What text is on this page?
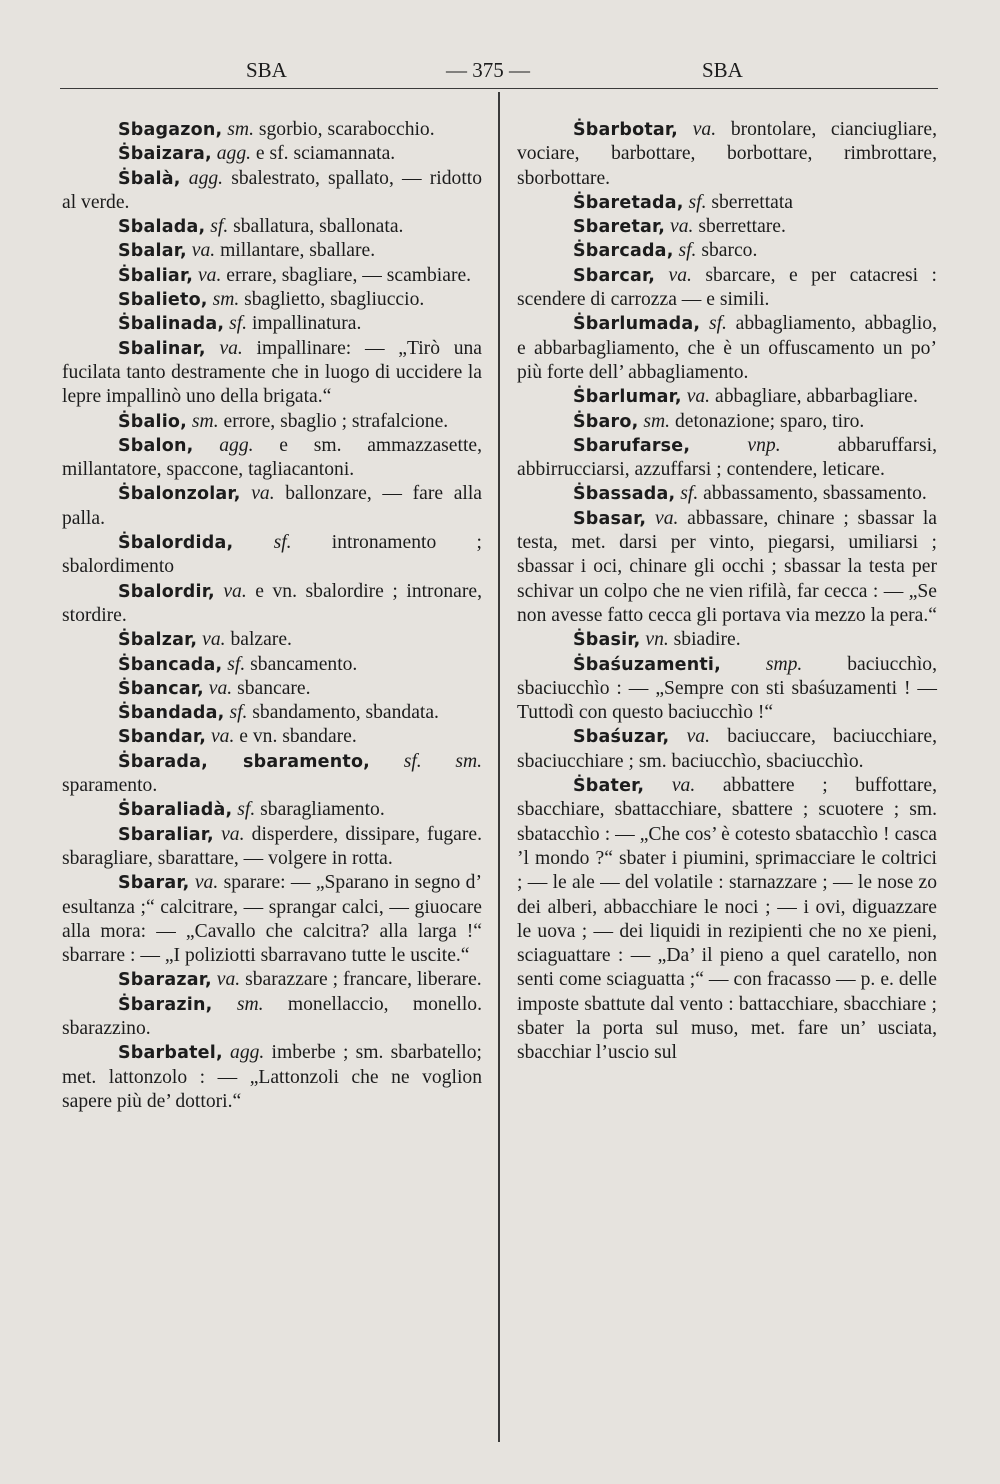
SBA	— 375 —	SBA

Sbagazon, sm. sgorbio, scarabocchio.

Ṡbaizara, agg. e sf. sciamannata.

Ṡbalà, agg. sbalestrato, spallato, — ridotto al verde.

Sbalada, sf. sballatura, sballonata.

Sbalar, va. millantare, sballare.

Ṡbaliar, va. errare, sbagliare, — scambiare.

Sbalieto, sm. sbaglietto, sbagliuccio.

Ṡbalinada, sf. impallinatura.

Sbalinar, va. impallinare: — „Tirò una fucilata tanto destramente che in luogo di uccidere la lepre impallinò uno della brigata.“

Ṡbalio, sm. errore, sbaglio ; strafalcione.

Sbalon, agg. e sm. ammazzasette, millantatore, spaccone, tagliacantoni.

Ṡbalonzolar, va. ballonzare, — fare alla palla.

Ṡbalordida, sf. intronamento ; sbalordimento

Sbalordir, va. e vn. sbalordire ; intronare, stordire.

Ṡbalzar, va. balzare.

Ṡbancada, sf. sbancamento.

Ṡbancar, va. sbancare.

Ṡbandada, sf. sbandamento, sbandata.

Sbandar, va. e vn. sbandare.

Ṡbarada, sbaramento, sf. sm. sparamento.

Ṡbaraliadà, sf. sbaragliamento.

Sbaraliar, va. disperdere, dissipare, fugare. sbaragliare, sbarattare, — volgere in rotta.

Sbarar, va. sparare: — „Sparano in segno d’ esultanza ;“ calcitrare, — sprangar calci, — giuocare alla mora: — „Cavallo che calcitra? alla larga !“ sbarrare : — „I poliziotti sbarravano tutte le uscite.“

Sbarazar, va. sbarazzare ; francare, liberare.

Ṡbarazin, sm. monellaccio, monello. sbarazzino.

Sbarbatel, agg. imberbe ; sm. sbarbatello; met. lattonzolo : — „Lattonzoli che ne voglion sapere più de’ dottori.“

Ṡbarbotar, va. brontolare, cianciugliare, vociare, barbottare, borbottare, rimbrottare, sborbottare.

Ṡbaretada, sf. sberrettata

Sbaretar, va. sberrettare.

Ṡbarcada, sf. sbarco.

Sbarcar, va. sbarcare, e per catacresi : scendere di carrozza — e simili.

Ṡbarlumada, sf. abbagliamento, abbaglio, e abbarbagliamento, che è un offuscamento un po’ più forte dell’ abbagliamento.

Ṡbarlumar, va. abbagliare, abbarbagliare.

Ṡbaro, sm. detonazione; sparo, tiro.

Sbarufarse,	vnp. abbaruffarsi, abbirrucciarsi, azzuffarsi ; contendere, leticare.

Ṡbassada, sf. abbassamento, sbassamento.

Sbasar, va. abbassare, chinare ; sbassar la testa, met. darsi per vinto, piegarsi, umiliarsi ; sbassar i oci, chinare gli occhi ; sbassar la testa per schivar un colpo che ne vien rifilà, far cecca : — „Se non avesse fatto cecca gli portava via mezzo la pera.“

Ṡbasir, vn. sbiadire.

Ṡbaśuzamenti, smp. baciucchìo, sbaciucchìo : — „Sempre con sti sbaśuzamenti ! — Tuttodì con questo baciucchìo !“

Sbaśuzar, va. baciuccare, baciucchiare, sbaciucchiare ; sm. baciucchìo, sbaciucchìo.

Ṡbater, va. abbattere ; buffottare, sbacchiare, sbattacchiare, sbattere ; scuotere ; sm. sbatacchìo : — „Che cos’ è cotesto sbatacchìo ! casca ’l mondo ?“ sbater i piumini, sprimacciare le coltrici ; — le ale — del volatile : starnazzare ; — le nose zo dei alberi, abbacchiare le noci ; — i ovi, diguazzare le uova ; — dei liquidi in rezipienti che no xe pieni, sciaguattare : — „Da’ il pieno a quel caratello, non senti come sciaguatta ;“ — con fracasso — p. e. delle imposte sbattute dal vento : battacchiare, sbacchiare ; sbater la porta sul muso, met. fare un’ usciata, sbacchiar l’uscio sul
